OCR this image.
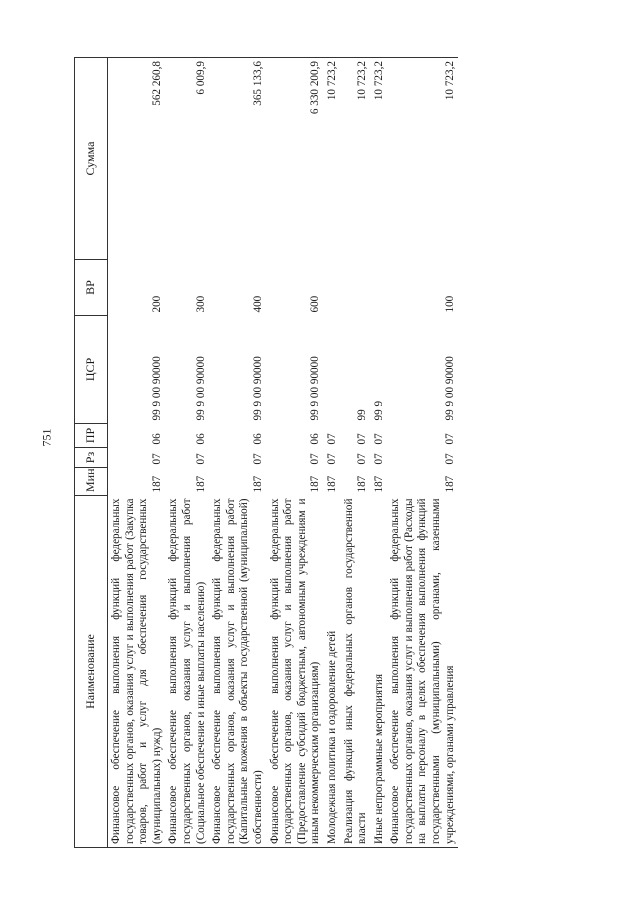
751
Наименование	Мин	Рз	ПР	ЦСР	ВР	Сумма
Финансовое обеспечение выполнения функций федеральных государственных органов, оказания услуг и выполнения работ (Закупка товаров, работ и услуг для обеспечения государственных (муниципальных) нужд)	187	07	06	99 9 00 90000	200	562 260,8
Финансовое обеспечение выполнения функций федеральных государственных органов, оказания услуг и выполнения работ (Социальное обеспечение и иные выплаты населению)	187	07	06	99 9 00 90000	300	6 009,9
Финансовое обеспечение выполнения функций федеральных государственных органов, оказания услуг и выполнения работ (Капитальные вложения в объекты государственной (муниципальной) собственности)	187	07	06	99 9 00 90000	400	365 133,6
Финансовое обеспечение выполнения функций федеральных государственных органов, оказания услуг и выполнения работ (Предоставление субсидий бюджетным, автономным учреждениям и иным некоммерческим организациям)	187	07	06	99 9 00 90000	600	6 330 200,9
Молодежная политика и оздоровление детей	187	07	07			10 723,2
Реализация функций иных федеральных органов государственной власти	187	07	07	99		10 723,2
Иные непрограммные мероприятия	187	07	07	99 9		10 723,2
Финансовое обеспечение выполнения функций федеральных государственных органов, оказания услуг и выполнения работ (Расходы на выплаты персоналу в целях обеспечения выполнения функций государственными (муниципальными) органами, казенными учреждениями, органами управления	187	07	07	99 9 00 90000	100	10 723,2
